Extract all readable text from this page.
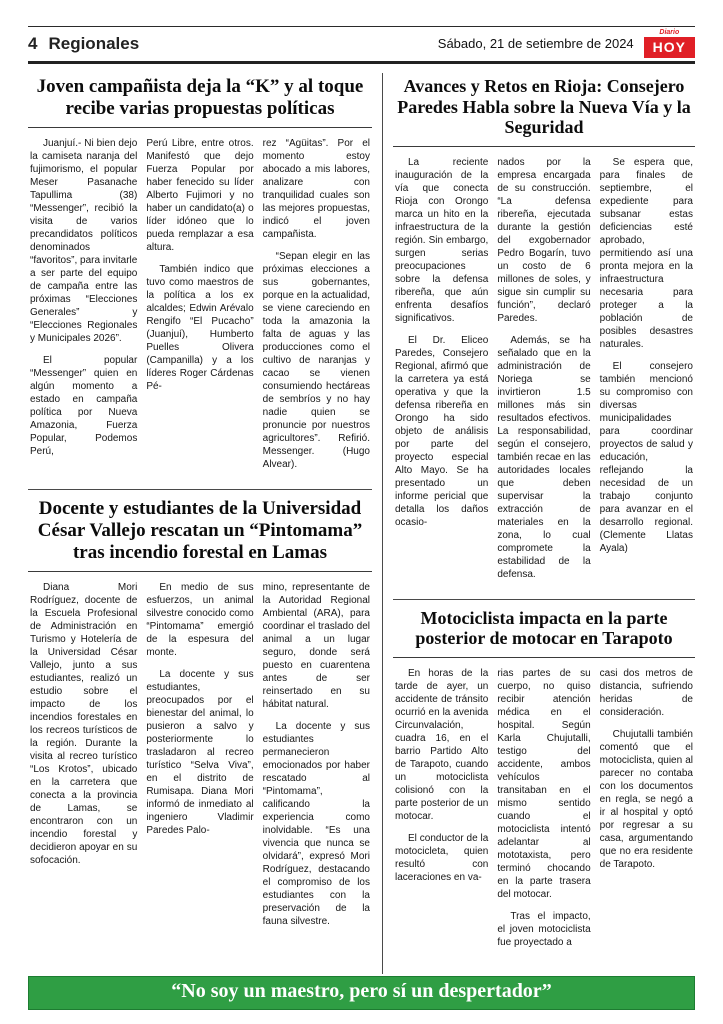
4 Regionales	Sábado, 21 de setiembre de 2024
Diario
HOY
Joven campañista deja la “K” y al toque recibe varias propuestas políticas

Juanjuí.- Ni bien dejo la camiseta naranja del fujimorismo, el popular Meser Pasanache Tapullima (38) “Messenger”, recibió la visita de varios precandidatos políticos denominados “favoritos”, para invitarle a ser parte del equipo de campaña entre las próximas “Elecciones Generales” y “Elecciones Regionales y Municipales 2026”.

El popular “Messenger” quien en algún momento a estado en campaña política por Nueva Amazonia, Fuerza Popular, Podemos Perú,

Perú Libre, entre otros. Manifestó que dejo Fuerza Popular por haber fenecido su líder Alberto Fujimori y no haber un candidato(a) o líder idóneo que lo pueda remplazar a esa altura.

También indico que tuvo como maestros de la política a los ex alcaldes; Edwin Arévalo Rengifo “El Pucacho” (Juanjuí), Humberto Puelles Olivera (Campanilla) y a los líderes Roger Cárdenas Pé-

rez “Agüitas”. Por el momento estoy abocado a mis labores, analizare con tranquilidad cuales son las mejores propuestas, indicó el joven campañista.

“Sepan elegir en las próximas elecciones a sus gobernantes, porque en la actualidad, se viene careciendo en toda la amazonia la falta de aguas y las producciones como el cultivo de naranjas y cacao se vienen consumiendo hectáreas de sembríos y no hay nadie quien se pronuncie por nuestros agricultores”. Refirió. Messenger. (Hugo Alvear).

Docente y estudiantes de la Universidad César Vallejo rescatan un “Pintomama” tras incendio forestal en Lamas

Diana Mori Rodríguez, docente de la Escuela Profesional de Administración en Turismo y Hotelería de la Universidad César Vallejo, junto a sus estudiantes, realizó un estudio sobre el impacto de los incendios forestales en los recreos turísticos de la región. Durante la visita al recreo turístico “Los Krotos”, ubicado en la carretera que conecta a la provincia de Lamas, se encontraron con un incendio forestal y decidieron apoyar en su sofocación.

En medio de sus esfuerzos, un animal silvestre conocido como “Pintomama” emergió de la espesura del monte.

La docente y sus estudiantes, preocupados por el bienestar del animal, lo pusieron a salvo y posteriormente lo trasladaron al recreo turístico “Selva Viva”, en el distrito de Rumisapa. Diana Mori informó de inmediato al ingeniero Vladimir Paredes Palo-

mino, representante de la Autoridad Regional Ambiental (ARA), para coordinar el traslado del animal a un lugar seguro, donde será puesto en cuarentena antes de ser reinsertado en su hábitat natural.

La docente y sus estudiantes permanecieron emocionados por haber rescatado al “Pintomama”, calificando la experiencia como inolvidable. “Es una vivencia que nunca se olvidará”, expresó Mori Rodríguez, destacando el compromiso de los estudiantes con la preservación de la fauna silvestre.

Avances y Retos en Rioja: Consejero Paredes Habla sobre la Nueva Vía y la Seguridad

La reciente inauguración de la vía que conecta Rioja con Orongo marca un hito en la infraestructura de la región. Sin embargo, surgen serias preocupaciones sobre la defensa ribereña, que aún enfrenta desafíos significativos.

El Dr. Eliceo Paredes, Consejero Regional, afirmó que la carretera ya está operativa y que la defensa ribereña en Orongo ha sido objeto de análisis por parte del proyecto especial Alto Mayo. Se ha presentado un informe pericial que detalla los daños ocasio-

nados por la empresa encargada de su construcción. “La defensa ribereña, ejecutada durante la gestión del exgobernador Pedro Bogarín, tuvo un costo de 6 millones de soles, y sigue sin cumplir su función”, declaró Paredes.

Además, se ha señalado que en la administración de Noriega se invirtieron 1.5 millones más sin resultados efectivos. La responsabilidad, según el consejero, también recae en las autoridades locales que deben supervisar la extracción de materiales en la zona, lo cual compromete la estabilidad de la defensa.

Se espera que, para finales de septiembre, el expediente para subsanar estas deficiencias esté aprobado, permitiendo así una pronta mejora en la infraestructura necesaria para proteger a la población de posibles desastres naturales.

El consejero también mencionó su compromiso con diversas municipalidades para coordinar proyectos de salud y educación, reflejando la necesidad de un trabajo conjunto para avanzar en el desarrollo regional.(Clemente Llatas Ayala)

Motociclista impacta en la parte posterior de motocar en Tarapoto

En horas de la tarde de ayer, un accidente de tránsito ocurrió en la avenida Circunvalación, cuadra 16, en el barrio Partido Alto de Tarapoto, cuando un motociclista colisionó con la parte posterior de un motocar.

El conductor de la motocicleta, quien resultó con laceraciones en va-

rias partes de su cuerpo, no quiso recibir atención médica en el hospital. Según Karla Chujutalli, testigo del accidente, ambos vehículos transitaban en el mismo sentido cuando el motociclista intentó adelantar al mototaxista, pero terminó chocando en la parte trasera del motocar.

Tras el impacto, el joven motociclista fue proyectado a

casi dos metros de distancia, sufriendo heridas de consideración.

Chujutalli también comentó que el motociclista, quien al parecer no contaba con los documentos en regla, se negó a ir al hospital y optó por regresar a su casa, argumentando que no era residente de Tarapoto.

“No soy un maestro, pero sí un despertador”
